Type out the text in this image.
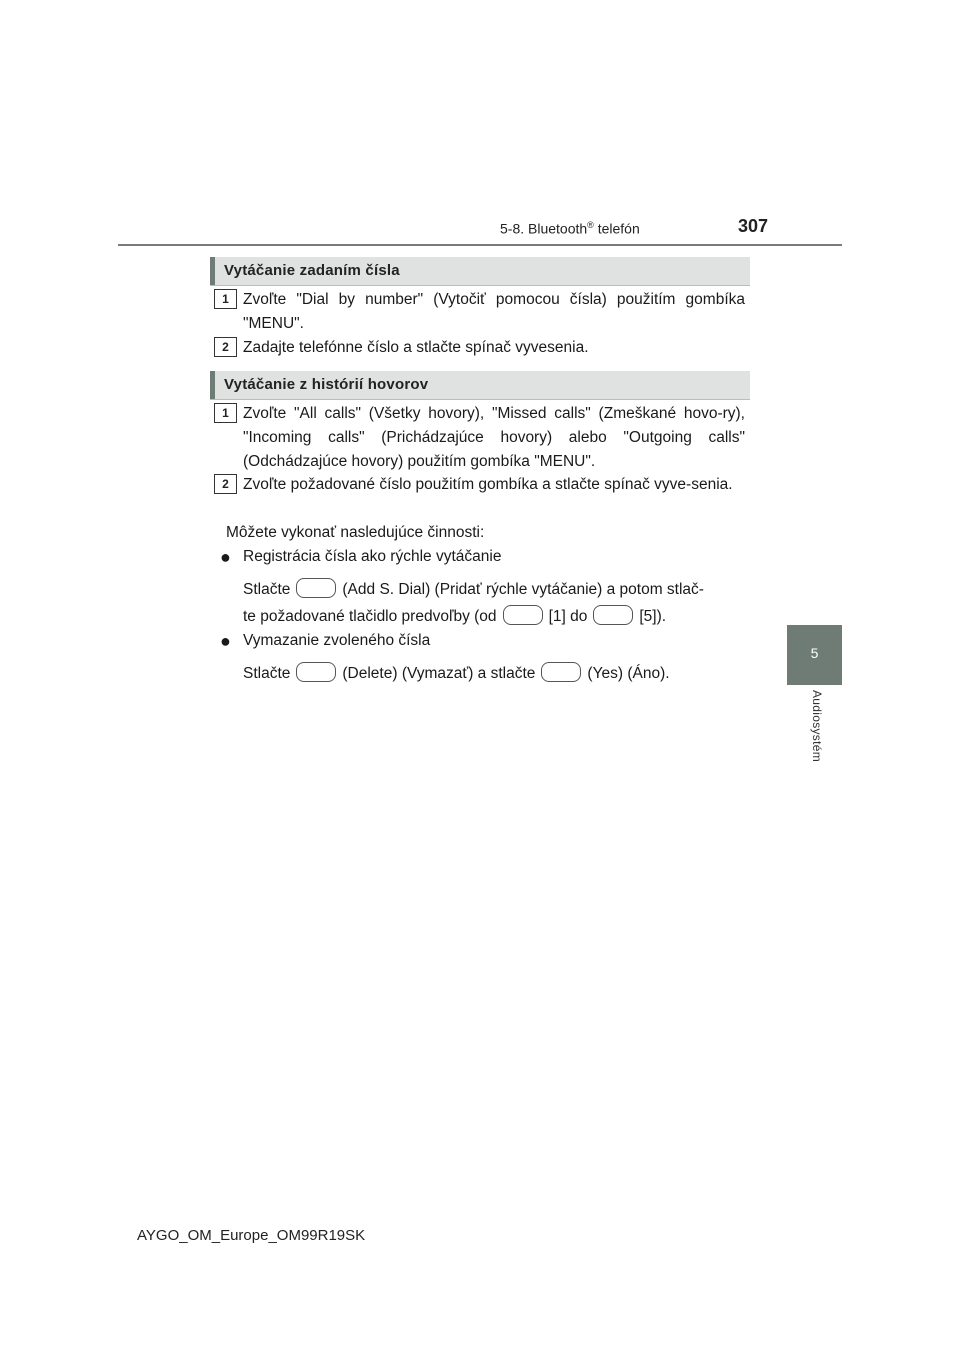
5-8. Bluetooth® telefón	307
5
Audiosystém
Vytáčanie zadaním čísla
1 Zvoľte "Dial by number" (Vytočiť pomocou čísla) použitím gombíka "MENU".
2 Zadajte telefónne číslo a stlačte spínač vyvesenia.
Vytáčanie z histórií hovorov
1 Zvoľte "All calls" (Všetky hovory), "Missed calls" (Zmeškané hovo-ry), "Incoming calls" (Prichádzajúce hovory) alebo "Outgoing calls" (Odchádzajúce hovory) použitím gombíka "MENU".
2 Zvoľte požadované číslo použitím gombíka a stlačte spínač vyve-senia.
Môžete vykonať nasledujúce činnosti:
● Registrácia čísla ako rýchle vytáčanie
Stlačte	(Add S. Dial) (Pridať rýchle vytáčanie) a potom stlač-
te požadované tlačidlo predvoľby (od	[1] do	[5]).
● Vymazanie zvoleného čísla
Stlačte	(Delete) (Vymazať) a stlačte	(Yes) (Áno).
AYGO_OM_Europe_OM99R19SK
